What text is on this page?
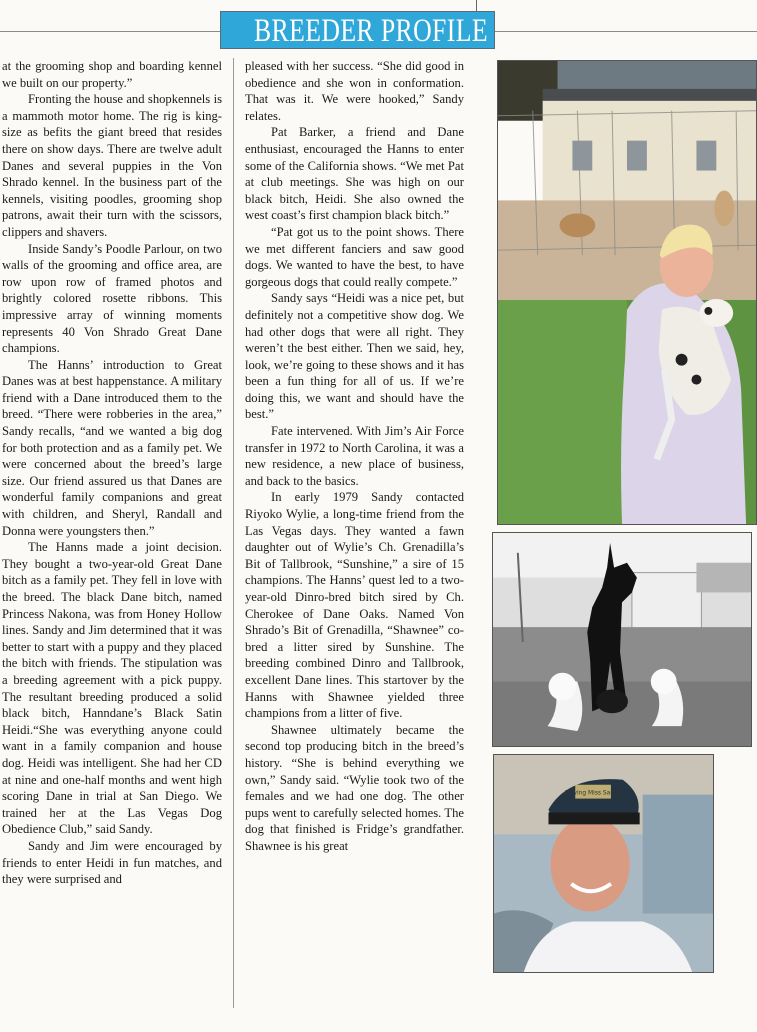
BREEDER PROFILE

at the grooming shop and boarding kennel we built on our property.”

Fronting the house and shopkennels is a mammoth motor home. The rig is king-size as befits the giant breed that resides there on show days. There are twelve adult Danes and several puppies in the Von Shrado kennel. In the business part of the kennels, visiting poodles, grooming shop patrons, await their turn with the scissors, clippers and shavers.

Inside Sandy’s Poodle Parlour, on two walls of the grooming and office area, are row upon row of framed photos and brightly colored rosette ribbons. This impressive array of winning moments represents 40 Von Shrado Great Dane champions.

The Hanns’ introduction to Great Danes was at best happenstance. A military friend with a Dane introduced them to the breed. “There were robberies in the area,” Sandy recalls, “and we wanted a big dog for both protection and as a family pet. We were concerned about the breed’s large size. Our friend assured us that Danes are wonderful family companions and great with children, and Sheryl, Randall and Donna were youngsters then.”

The Hanns made a joint decision. They bought a two-year-old Great Dane bitch as a family pet. They fell in love with the breed. The black Dane bitch, named Princess Nakona, was from Honey Hollow lines. Sandy and Jim determined that it was better to start with a puppy and they placed the bitch with friends. The stipulation was a breeding agreement with a pick puppy. The resultant breeding produced a solid black bitch, Hanndane’s Black Satin Heidi.“She was everything anyone could want in a family companion and house dog. Heidi was intelligent. She had her CD at nine and one-half months and went high scoring Dane in trial at San Diego. We trained her at the Las Vegas Dog Obedience Club,” said Sandy.

Sandy and Jim were encouraged by friends to enter Heidi in fun matches, and they were surprised and

pleased with her success. “She did good in obedience and she won in conformation. That was it. We were hooked,” Sandy relates.

Pat Barker, a friend and Dane enthusiast, encouraged the Hanns to enter some of the California shows. “We met Pat at club meetings. She was high on our black bitch, Heidi. She also owned the west coast’s first champion black bitch.”

“Pat got us to the point shows. There we met different fanciers and saw good dogs. We wanted to have the best, to have gorgeous dogs that could really compete.”

Sandy says “Heidi was a nice pet, but definitely not a competitive show dog. We had other dogs that were all right. They weren’t the best either. Then we said, hey, look, we’re going to these shows and it has been a fun thing for all of us. If we’re doing this, we want and should have the best.”

Fate intervened. With Jim’s Air Force transfer in 1972 to North Carolina, it was a new residence, a new place of business, and back to the basics.

In early 1979 Sandy contacted Riyoko Wylie, a long-time friend from the Las Vegas days. They wanted a fawn daughter out of Wylie’s Ch. Grenadilla’s Bit of Tallbrook, “Sunshine,” a sire of 15 champions. The Hanns’ quest led to a two-year-old Dinro-bred bitch sired by Ch. Cherokee of Dane Oaks. Named Von Shrado’s Bit of Grenadilla, “Shawnee” co-bred a litter sired by Sunshine. The breeding combined Dinro and Tallbrook, excellent Dane lines. This startover by the Hanns with Shawnee yielded three champions from a litter of five.

Shawnee ultimately became the second top producing bitch in the breed’s history. “She is behind everything we own,” Sandy said. “Wylie took two of the females and we had one dog. The other pups went to carefully selected homes. The dog that finished is Fridge’s grandfather. Shawnee is his great

Driving Miss Sandy
